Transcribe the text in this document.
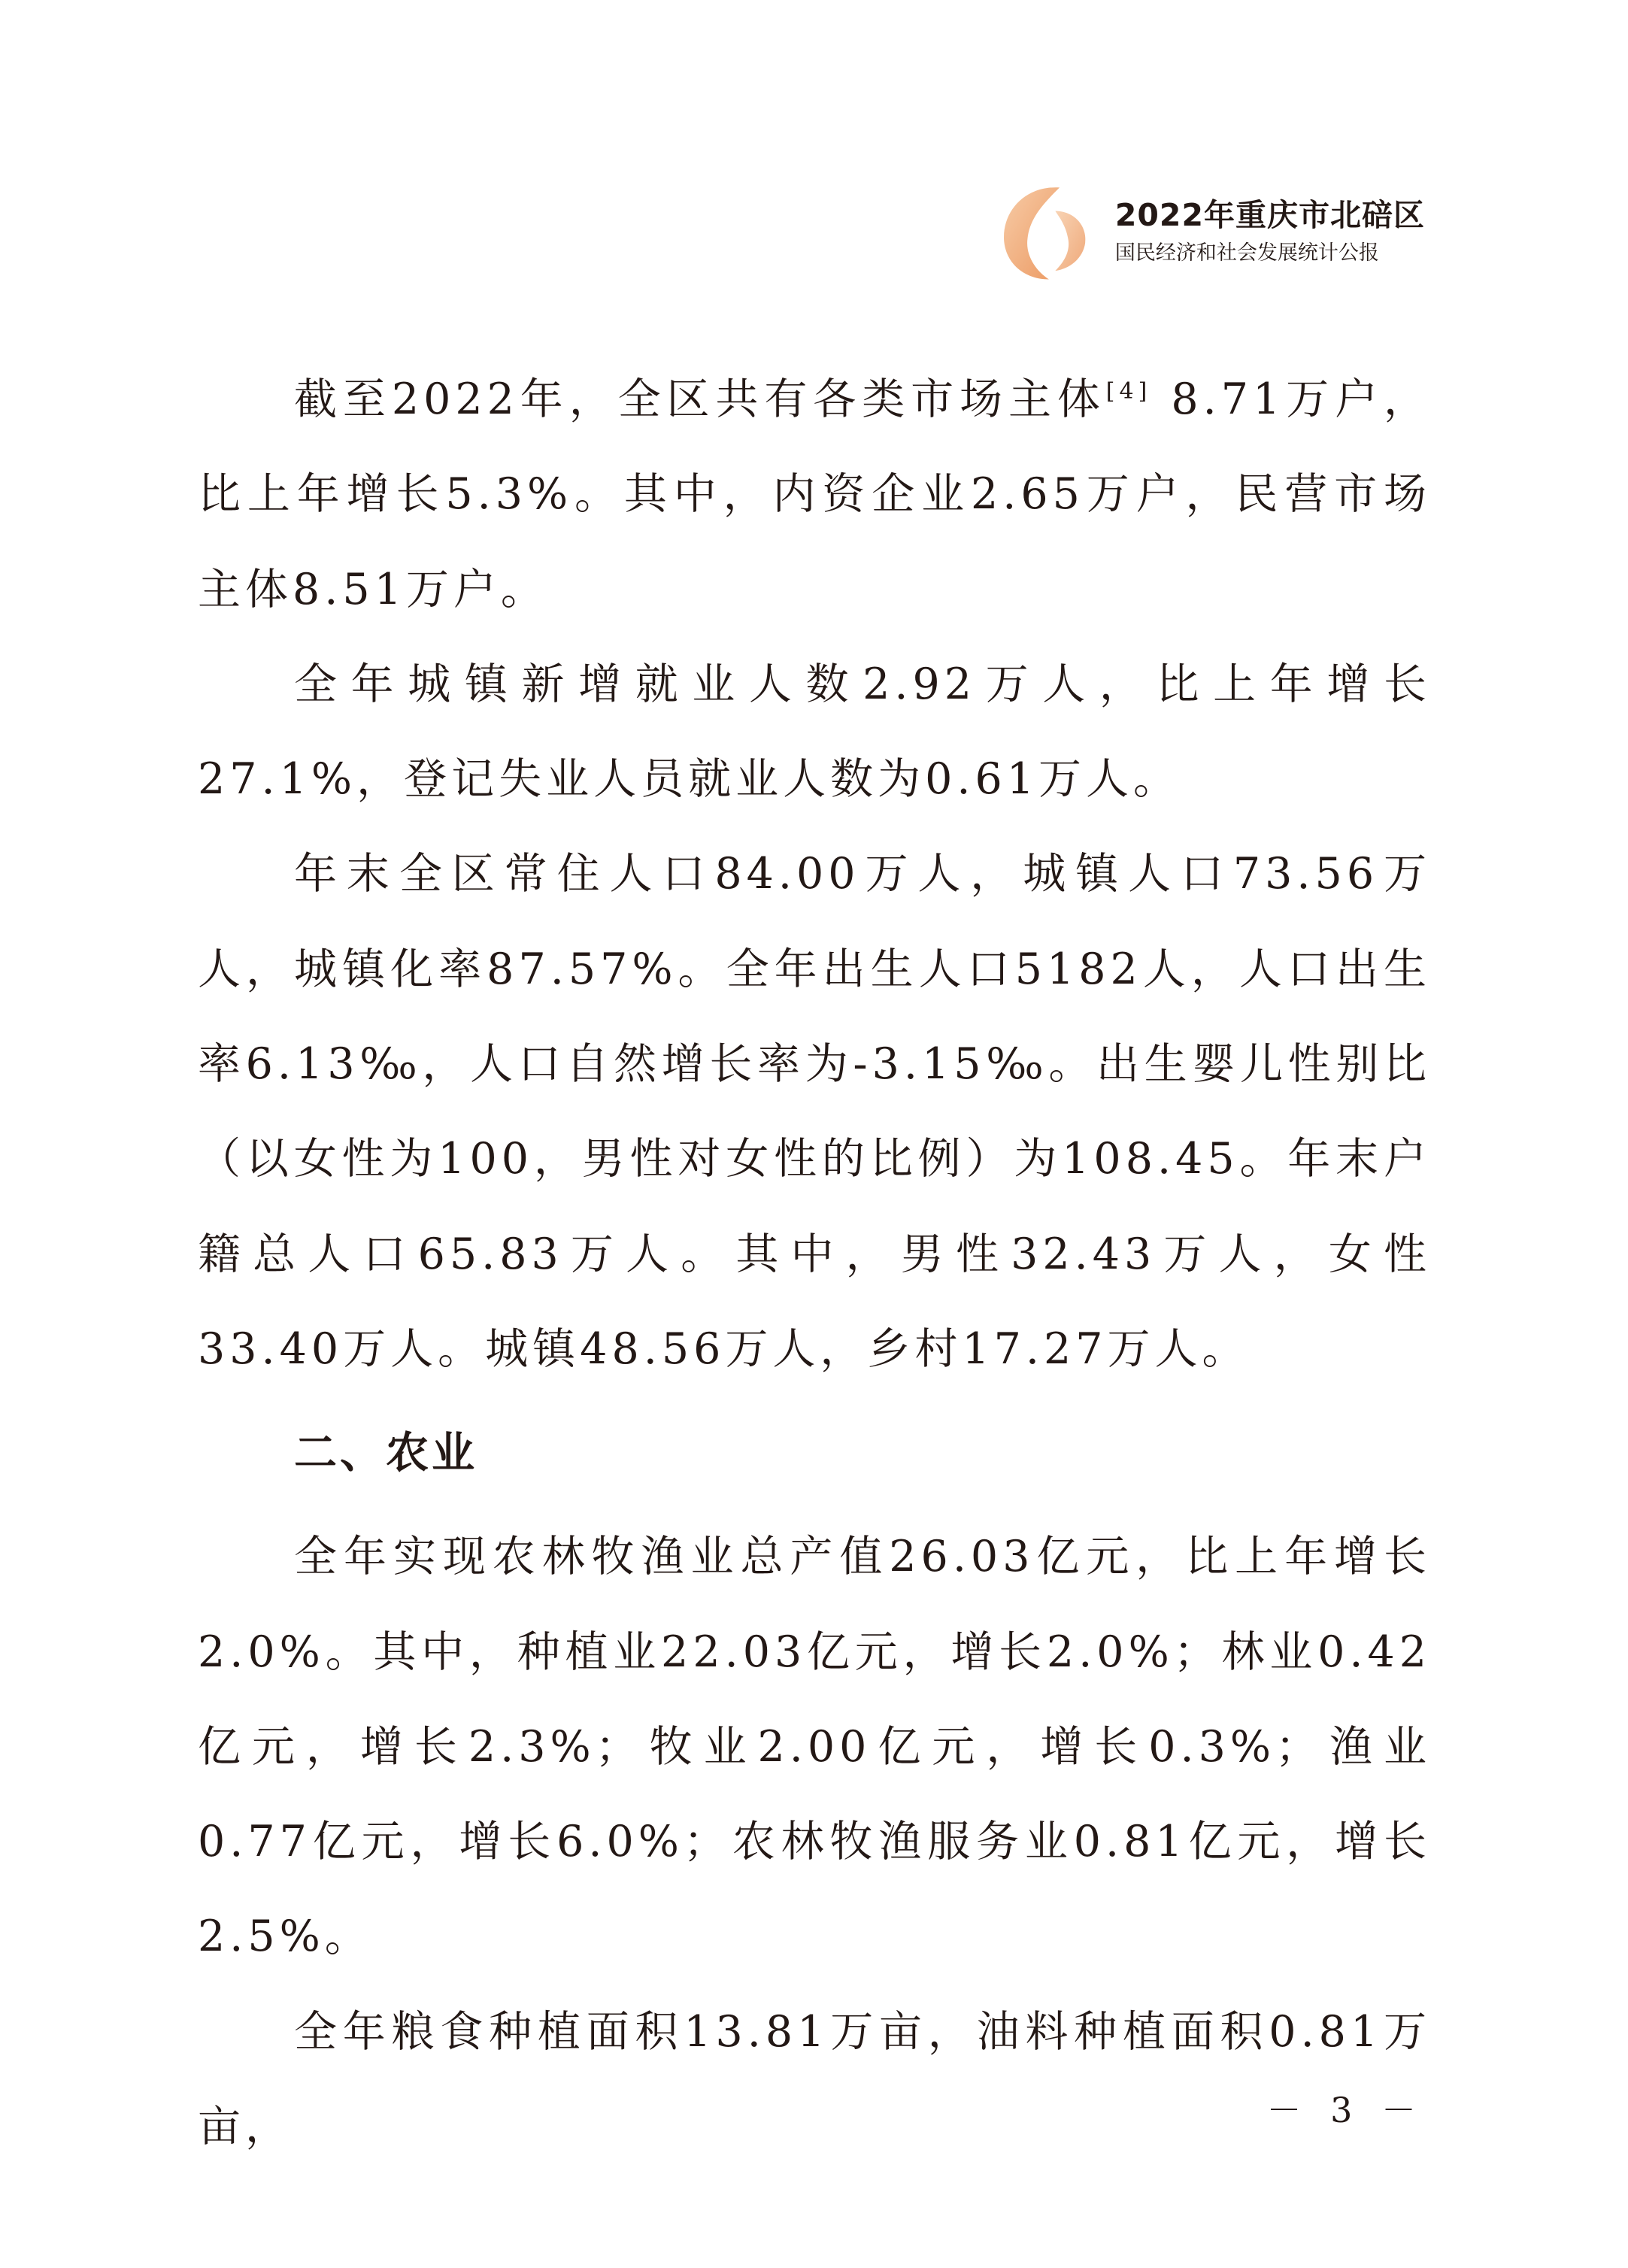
2022年重庆市北碚区
国民经济和社会发展统计公报

截至2022年，全区共有各类市场主体[4] 8.71万户，比上年增长5.3%。其中，内资企业2.65万户，民营市场主体8.51万户。

全年城镇新增就业人数2.92万人，比上年增长27.1%，登记失业人员就业人数为0.61万人。

年末全区常住人口84.00万人，城镇人口73.56万人，城镇化率87.57%。全年出生人口5182人，人口出生率6.13‰，人口自然增长率为-3.15‰。出生婴儿性别比（以女性为100，男性对女性的比例）为108.45。年末户籍总人口65.83万人。其中，男性32.43万人，女性33.40万人。城镇48.56万人，乡村17.27万人。

二、农业

全年实现农林牧渔业总产值26.03亿元，比上年增长2.0%。其中，种植业22.03亿元，增长2.0%；林业0.42亿元，增长2.3%；牧业2.00亿元，增长0.3%；渔业0.77亿元，增长6.0%；农林牧渔服务业0.81亿元，增长2.5%。

全年粮食种植面积13.81万亩，油料种植面积0.81万亩，	－ 3 －
